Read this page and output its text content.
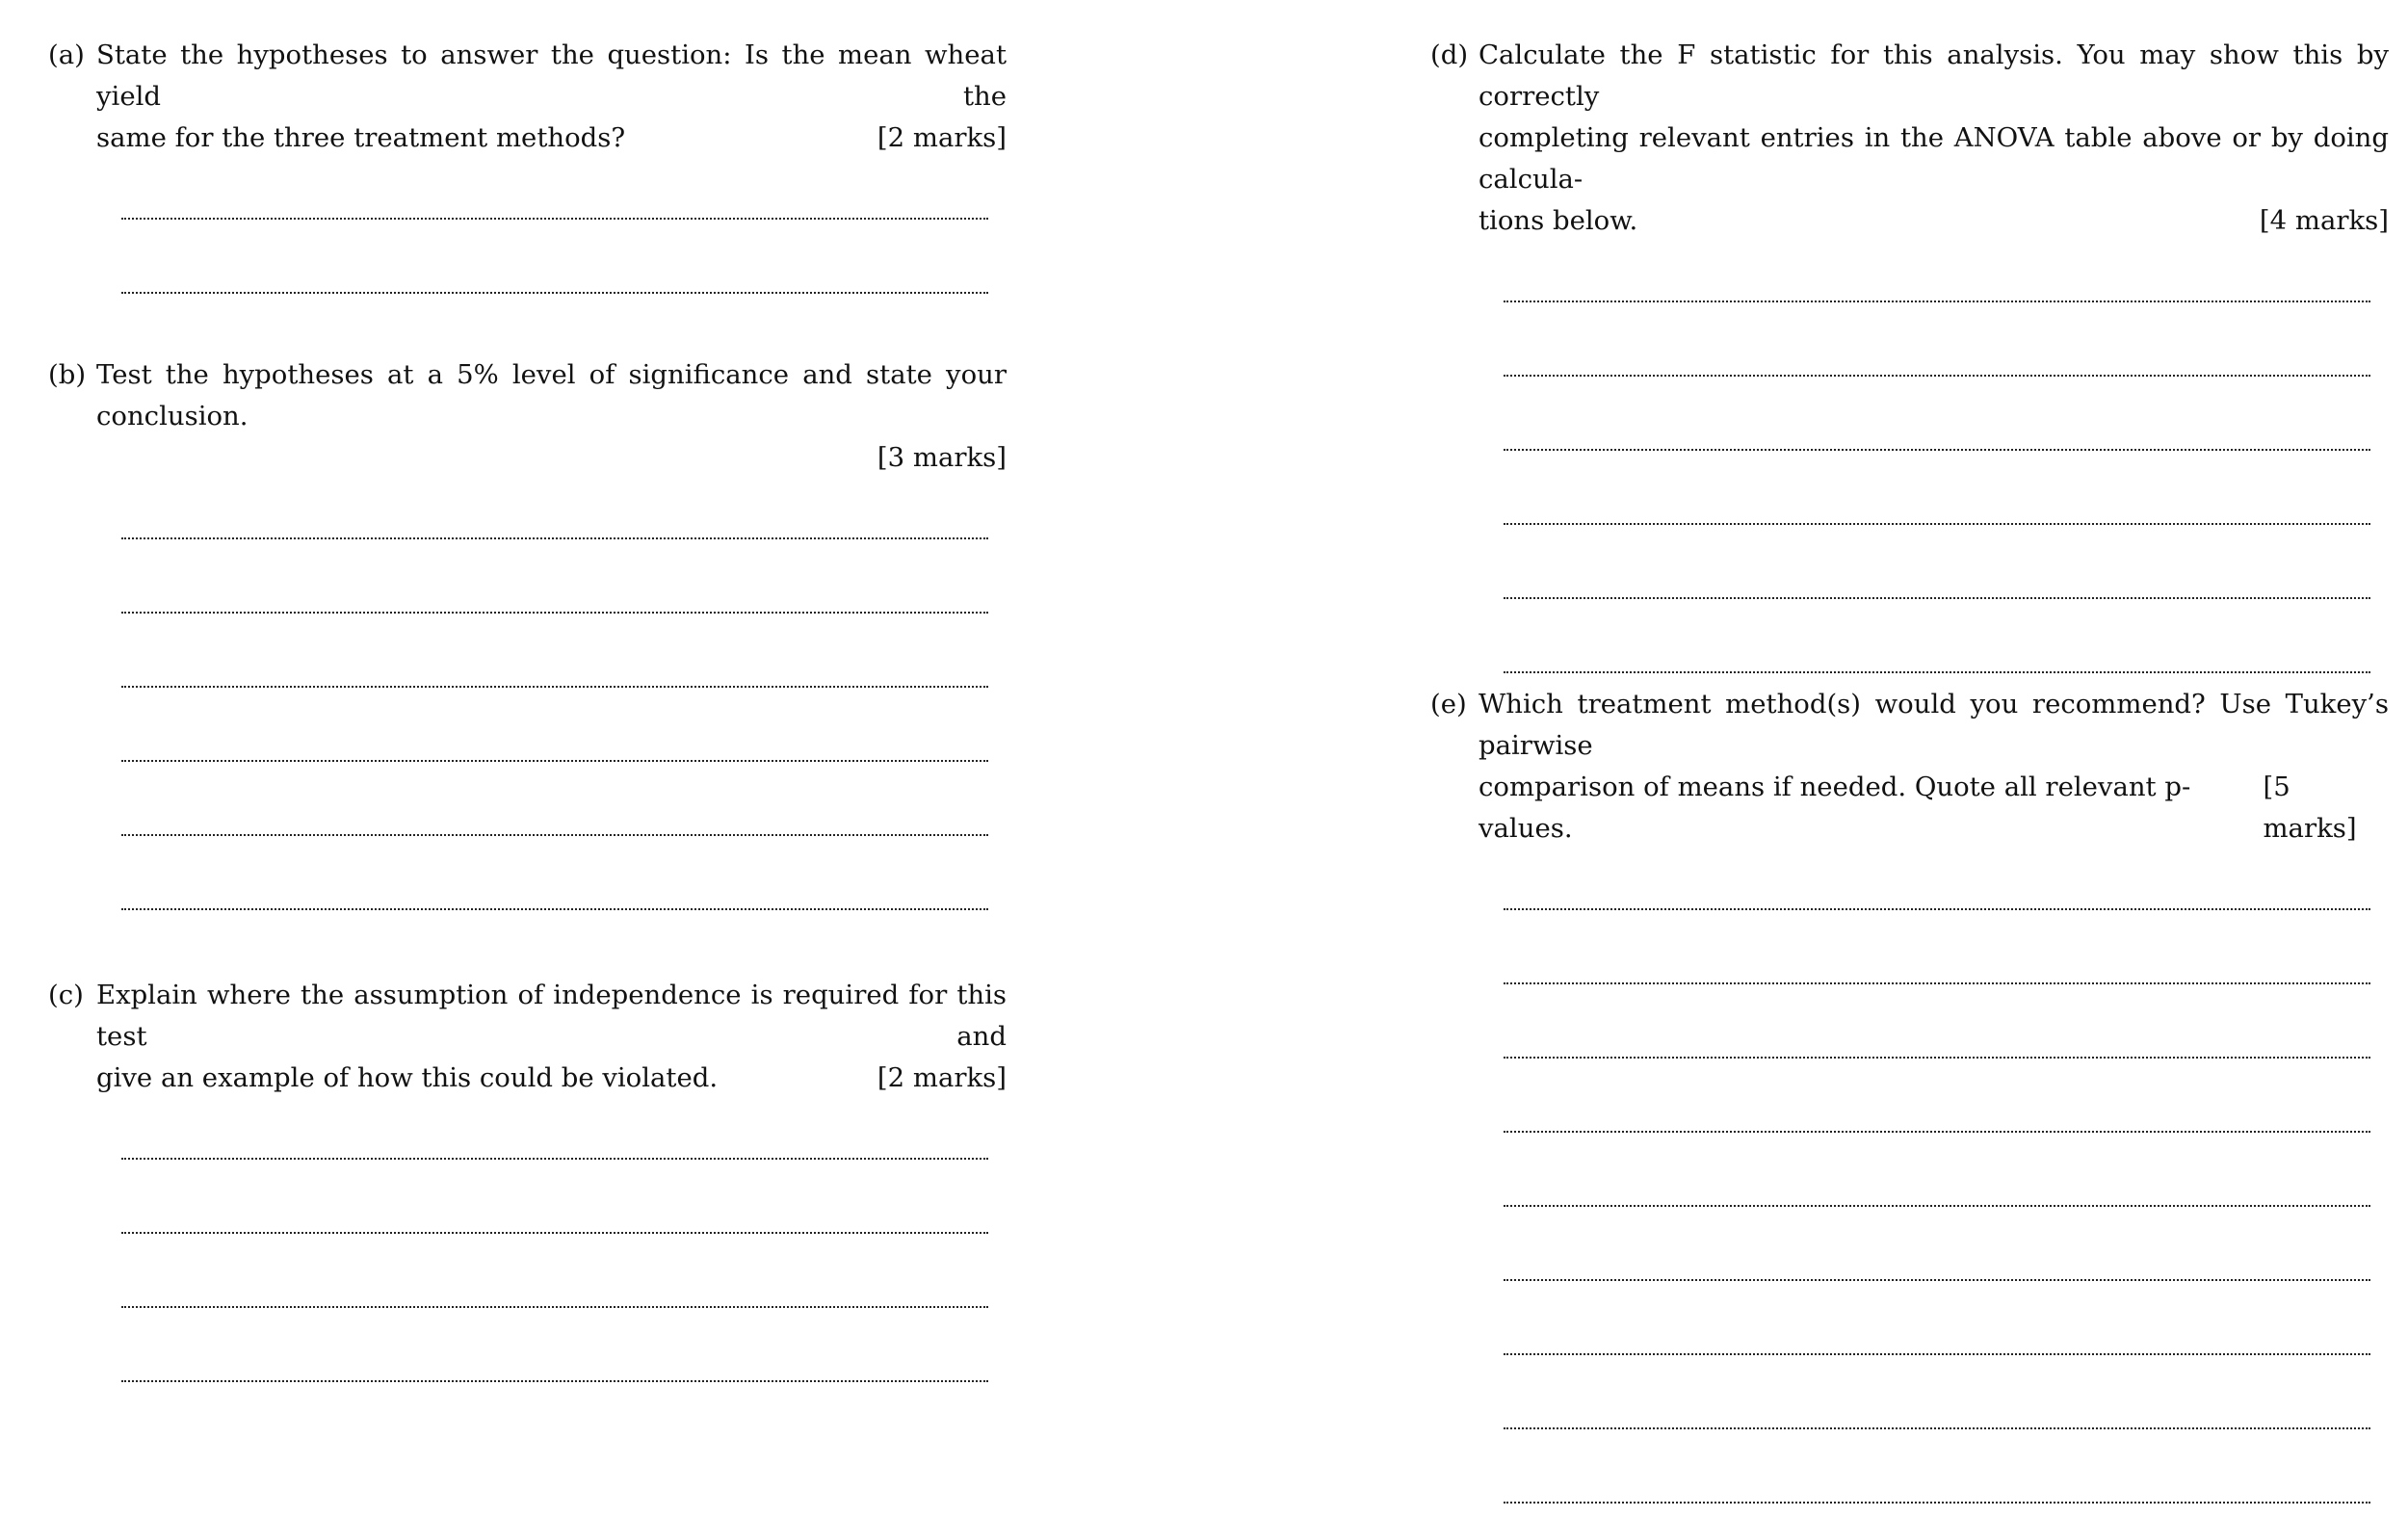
(a) State the hypotheses to answer the question: Is the mean wheat yield the
same for the three treatment methods?	[2 marks]
(b) Test the hypotheses at a 5% level of significance and state your conclusion.
[3 marks]
(c) Explain where the assumption of independence is required for this test and
give an example of how this could be violated.	[2 marks]
(d) Calculate the F statistic for this analysis. You may show this by correctly
completing relevant entries in the ANOVA table above or by doing calcula-
tions below.	[4 marks]
(e) Which treatment method(s) would you recommend? Use Tukey’s pairwise
comparison of means if needed. Quote all relevant p-values.
[5 marks]
